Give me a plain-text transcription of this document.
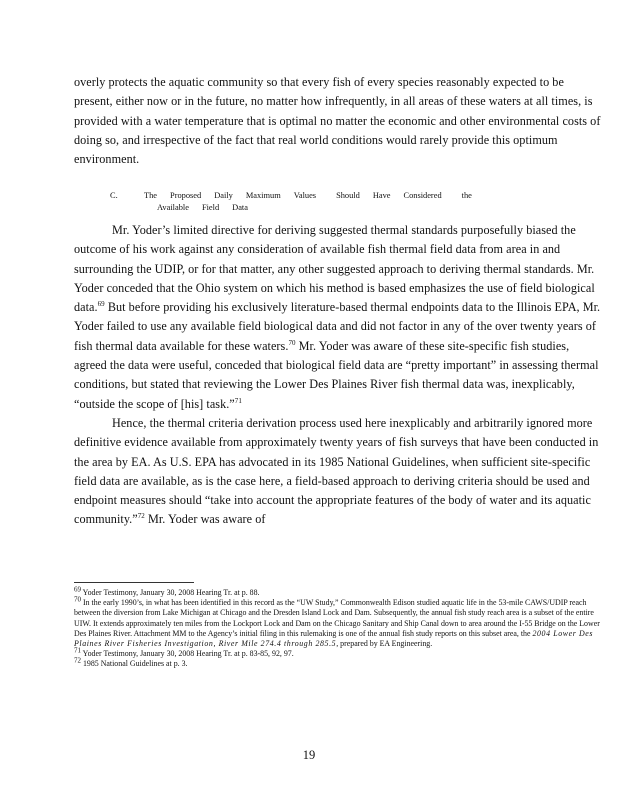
overly protects the aquatic community so that every fish of every species reasonably expected to be present, either now or in the future, no matter how infrequently, in all areas of these waters at all times, is provided with a water temperature that is optimal no matter the economic and other environmental costs of doing so, and irrespective of the fact that real world conditions would rarely provide this optimum environment.

C.	The Proposed Daily Maximum Values Should Have Considered the
Available Field Data

Mr. Yoder’s limited directive for deriving suggested thermal standards purposefully biased the outcome of his work against any consideration of available fish thermal field data from area in and surrounding the UDIP, or for that matter, any other suggested approach to deriving thermal standards. Mr. Yoder conceded that the Ohio system on which his method is based emphasizes the use of field biological data.$^{69}$ But before providing his exclusively literature-based thermal endpoints data to the Illinois EPA, Mr. Yoder failed to use any available field biological data and did not factor in any of the over twenty years of fish thermal data available for these waters.$^{70}$ Mr. Yoder was aware of these site-specific fish studies, agreed the data were useful, conceded that biological field data are “pretty important” in assessing thermal conditions, but stated that reviewing the Lower Des Plaines River fish thermal data was, inexplicably, “outside the scope of [his] task.”$^{71}$

Hence, the thermal criteria derivation process used here inexplicably and arbitrarily ignored more definitive evidence available from approximately twenty years of fish surveys that have been conducted in the area by EA. As U.S. EPA has advocated in its 1985 National Guidelines, when sufficient site-specific field data are available, as is the case here, a field-based approach to deriving criteria should be used and endpoint measures should “take into account the appropriate features of the body of water and its aquatic community.”$^{72}$ Mr. Yoder was aware of

$^{69}$ Yoder Testimony, January 30, 2008 Hearing Tr. at p. 88.

$^{70}$ In the early 1990’s, in what has been identified in this record as the “UW Study,” Commonwealth Edison studied aquatic life in the 53-mile CAWS/UDIP reach between the diversion from Lake Michigan at Chicago and the Dresden Island Lock and Dam. Subsequently, the annual fish study reach area is a subset of the entire UIW. It extends approximately ten miles from the Lockport Lock and Dam on the Chicago Sanitary and Ship Canal down to area around the I-55 Bridge on the Lower Des Plaines River. Attachment MM to the Agency’s initial filing in this rulemaking is one of the annual fish study reports on this subset area, the 2004 Lower Des Plaines River Fisheries Investigation, River Mile 274.4 through 285.5, prepared by EA Engineering.

$^{71}$ Yoder Testimony, January 30, 2008 Hearing Tr. at p. 83-85, 92, 97.

$^{72}$ 1985 National Guidelines at p. 3.

19
